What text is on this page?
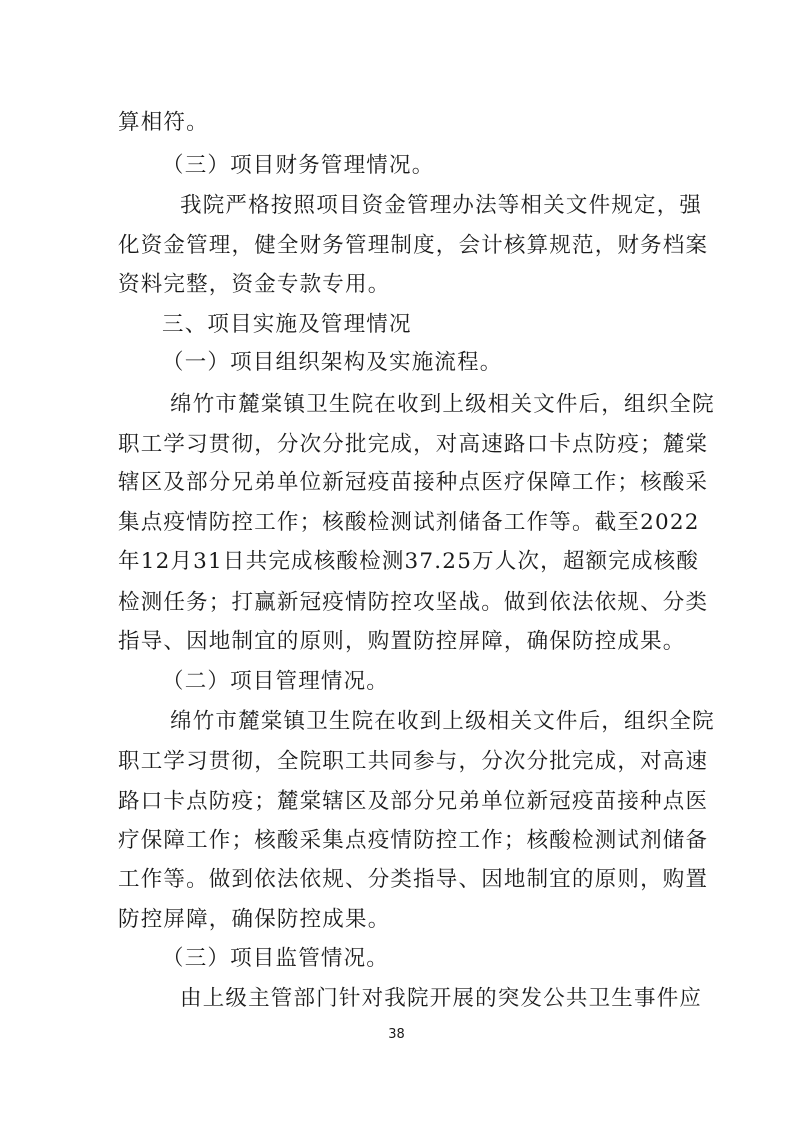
算相符。
（三）项目财务管理情况。
我院严格按照项目资金管理办法等相关文件规定，强
化资金管理，健全财务管理制度，会计核算规范，财务档案
资料完整，资金专款专用。
三、项目实施及管理情况
（一）项目组织架构及实施流程。
绵竹市麓棠镇卫生院在收到上级相关文件后，组织全院
职工学习贯彻，分次分批完成，对高速路口卡点防疫；麓棠
辖区及部分兄弟单位新冠疫苗接种点医疗保障工作；核酸采
集点疫情防控工作；核酸检测试剂储备工作等。截至2022
年12月31日共完成核酸检测37.25万人次，超额完成核酸
检测任务；打赢新冠疫情防控攻坚战。做到依法依规、分类
指导、因地制宜的原则，购置防控屏障，确保防控成果。
（二）项目管理情况。
绵竹市麓棠镇卫生院在收到上级相关文件后，组织全院
职工学习贯彻，全院职工共同参与，分次分批完成，对高速
路口卡点防疫；麓棠辖区及部分兄弟单位新冠疫苗接种点医
疗保障工作；核酸采集点疫情防控工作；核酸检测试剂储备
工作等。做到依法依规、分类指导、因地制宜的原则，购置
防控屏障，确保防控成果。
（三）项目监管情况。
由上级主管部门针对我院开展的突发公共卫生事件应
38
